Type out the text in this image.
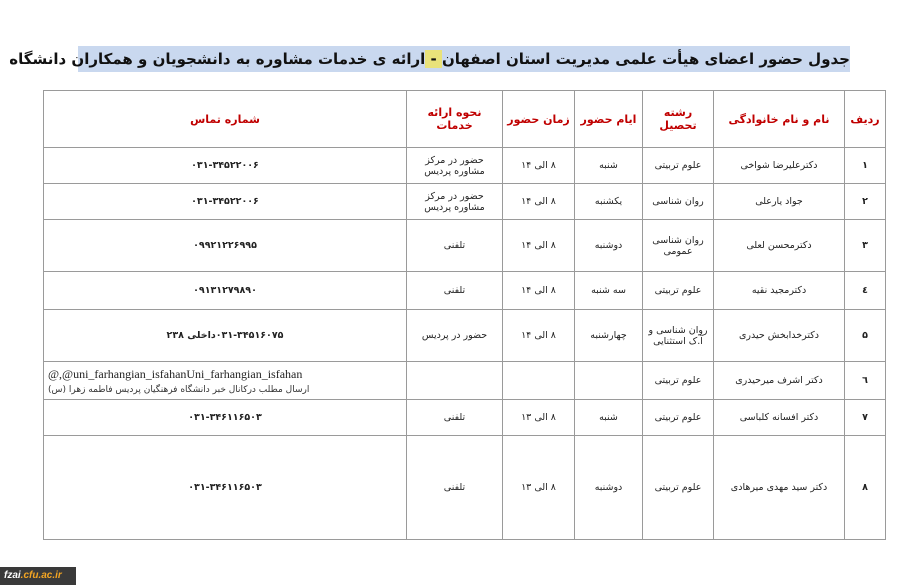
جدول حضور اعضای هیأت علمی مدیریت استان اصفهان - ارائه ی خدمات مشاوره به دانشجویان و همکاران دانشگاه
ردیف	نام و نام خانوادگی	رشته تحصیل	ایام حضور	زمان حضور	نحوه ارائه خدمات	شماره تماس
۱	دکترعلیرضا شواخی	علوم تربیتی	شنبه	۸ الی ۱۴	حضور در مرکز مشاوره پردیس	۰۳۱-۳۴۵۲۲۰۰۶
۲	جواد یارعلی	روان شناسی	یکشنبه	۸ الی ۱۴	حضور در مرکز مشاوره پردیس	۰۳۱-۳۴۵۲۲۰۰۶
۳	دکترمحسن لعلی	روان شناسی عمومی	دوشنبه	۸ الی ۱۴	تلفنی	۰۹۹۲۱۲۲۶۹۹۵
٤	دکترمجید نقیه	علوم تربیتی	سه شنبه	۸ الی ۱۴	تلفنی	۰۹۱۳۱۲۷۹۸۹۰
۵	دکترخدابخش حیدری	روان شناسی و آ.ک استثنایی	چهارشنبه	۸ الی ۱۴	حضور در پردیس	۰۳۱-۳۴۵۱۶۰۷۵داخلی ۲۳۸
٦	دکتر اشرف میرحیدری	علوم تربیتی				@,@uni_farhangian_isfahan‌Uni_farhangian_isfahan
ارسال مطلب درکانال خبر دانشگاه فرهنگیان پردیس فاطمه زهرا (س)

۷	دکتر افسانه کلباسی	علوم تربیتی	شنبه	۸ الی ۱۳	تلفنی	۰۳۱-۳۴۶۱۱۶۵۰۳
۸	دکتر سید مهدی میرهادی	علوم تربیتی	دوشنبه	۸ الی ۱۳	تلفنی	۰۳۱-۳۴۶۱۱۶۵۰۳
fzai.cfu.ac.ir
